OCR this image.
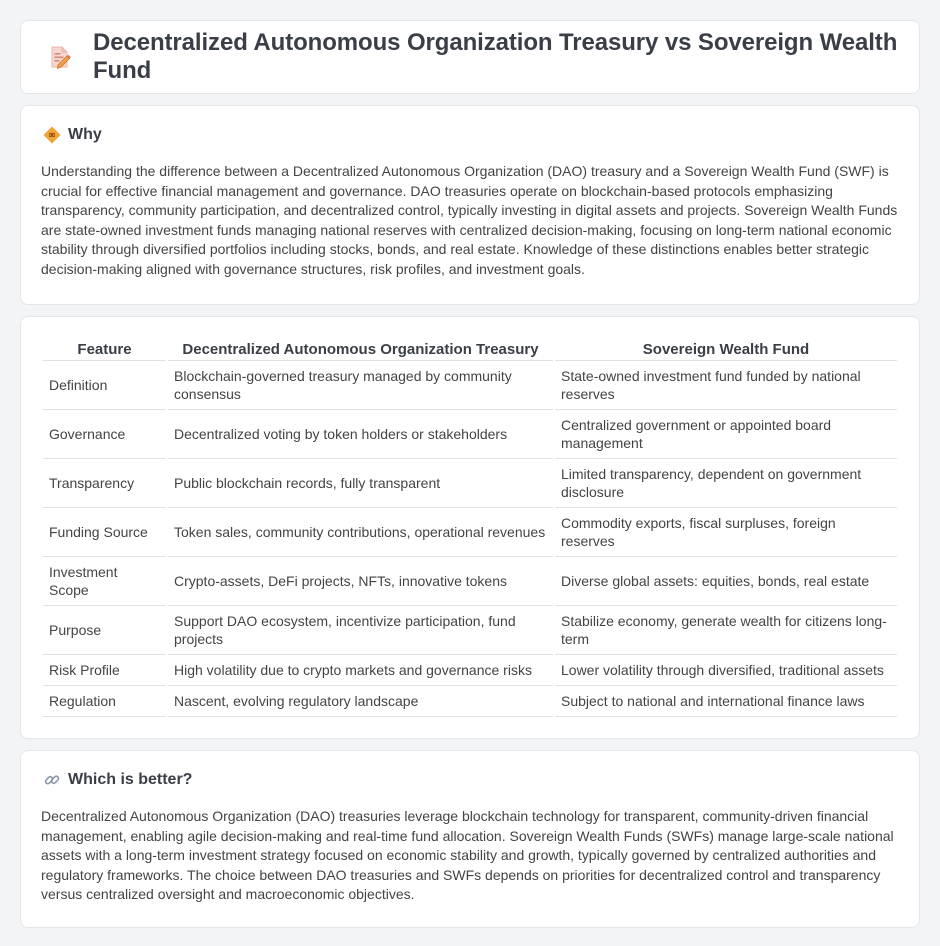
Decentralized Autonomous Organization Treasury vs Sovereign Wealth Fund
Why

Understanding the difference between a Decentralized Autonomous Organization (DAO) treasury and a Sovereign Wealth Fund (SWF) is crucial for effective financial management and governance. DAO treasuries operate on blockchain-based protocols emphasizing transparency, community participation, and decentralized control, typically investing in digital assets and projects. Sovereign Wealth Funds are state-owned investment funds managing national reserves with centralized decision-making, focusing on long-term national economic stability through diversified portfolios including stocks, bonds, and real estate. Knowledge of these distinctions enables better strategic decision-making aligned with governance structures, risk profiles, and investment goals.

Feature	Decentralized Autonomous Organization Treasury	Sovereign Wealth Fund
Definition	Blockchain-governed treasury managed by community consensus	State-owned investment fund funded by national reserves
Governance	Decentralized voting by token holders or stakeholders	Centralized government or appointed board management
Transparency	Public blockchain records, fully transparent	Limited transparency, dependent on government disclosure
Funding Source	Token sales, community contributions, operational revenues	Commodity exports, fiscal surpluses, foreign reserves
Investment Scope	Crypto-assets, DeFi projects, NFTs, innovative tokens	Diverse global assets: equities, bonds, real estate
Purpose	Support DAO ecosystem, incentivize participation, fund projects	Stabilize economy, generate wealth for citizens long-term
Risk Profile	High volatility due to crypto markets and governance risks	Lower volatility through diversified, traditional assets
Regulation	Nascent, evolving regulatory landscape	Subject to national and international finance laws
Which is better?

Decentralized Autonomous Organization (DAO) treasuries leverage blockchain technology for transparent, community-driven financial management, enabling agile decision-making and real-time fund allocation. Sovereign Wealth Funds (SWFs) manage large-scale national assets with a long-term investment strategy focused on economic stability and growth, typically governed by centralized authorities and regulatory frameworks. The choice between DAO treasuries and SWFs depends on priorities for decentralized control and transparency versus centralized oversight and macroeconomic objectives.
